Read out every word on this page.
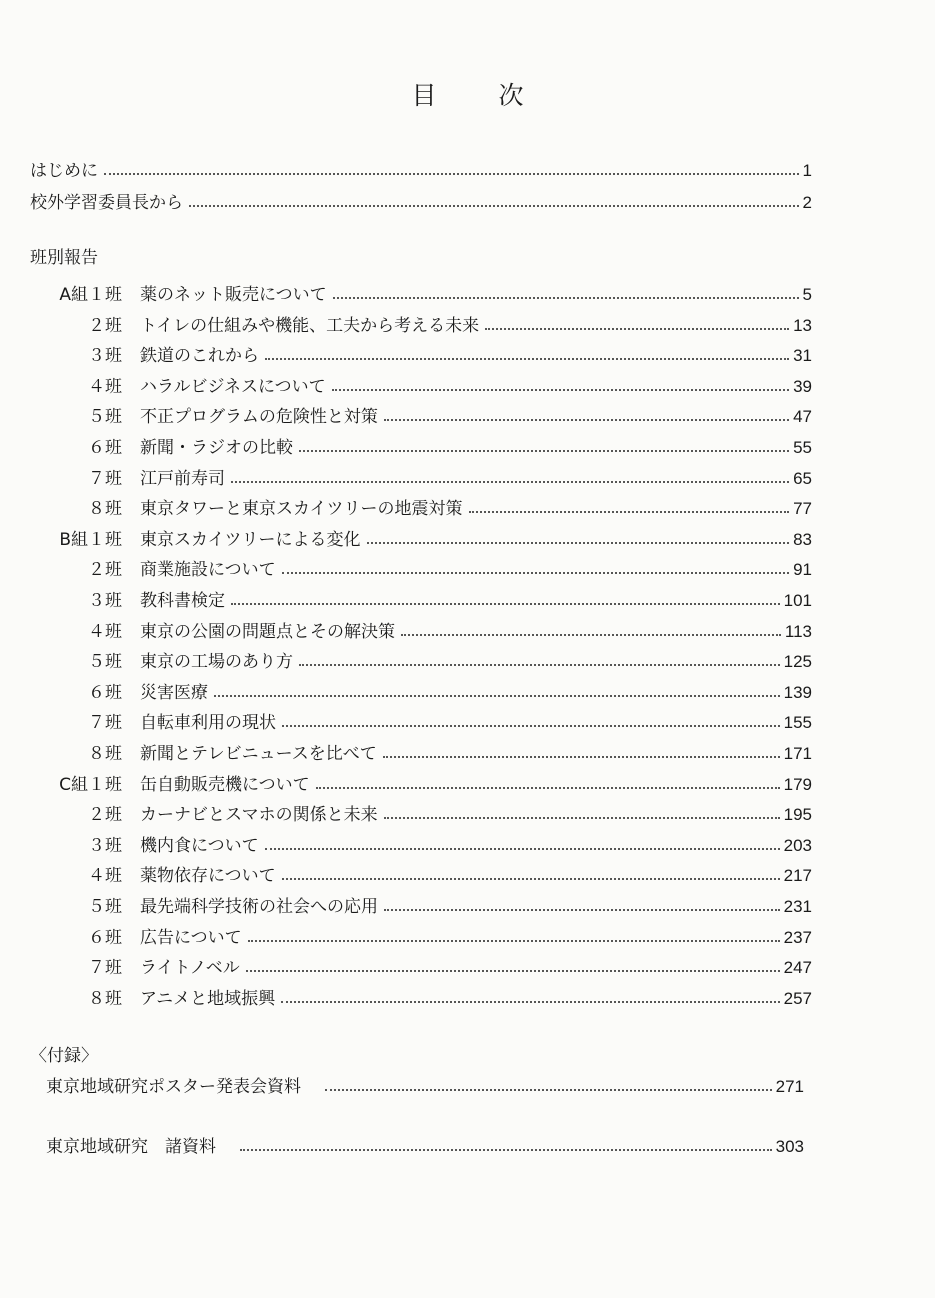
目 次
はじめに	1
校外学習委員長から	2
班別報告
A組１班	薬のネット販売について	5
２班	トイレの仕組みや機能、工夫から考える未来	13
３班	鉄道のこれから	31
４班	ハラルビジネスについて	39
５班	不正プログラムの危険性と対策	47
６班	新聞・ラジオの比較	55
７班	江戸前寿司	65
８班	東京タワーと東京スカイツリーの地震対策	77
B組１班	東京スカイツリーによる変化	83
２班	商業施設について	91
３班	教科書検定	101
４班	東京の公園の問題点とその解決策	113
５班	東京の工場のあり方	125
６班	災害医療	139
７班	自転車利用の現状	155
８班	新聞とテレビニュースを比べて	171
C組１班	缶自動販売機について	179
２班	カーナビとスマホの関係と未来	195
３班	機内食について	203
４班	薬物依存について	217
５班	最先端科学技術の社会への応用	231
６班	広告について	237
７班	ライトノベル	247
８班	アニメと地域振興	257
〈付録〉
東京地域研究ポスター発表会資料	271
東京地域研究　諸資料	303
